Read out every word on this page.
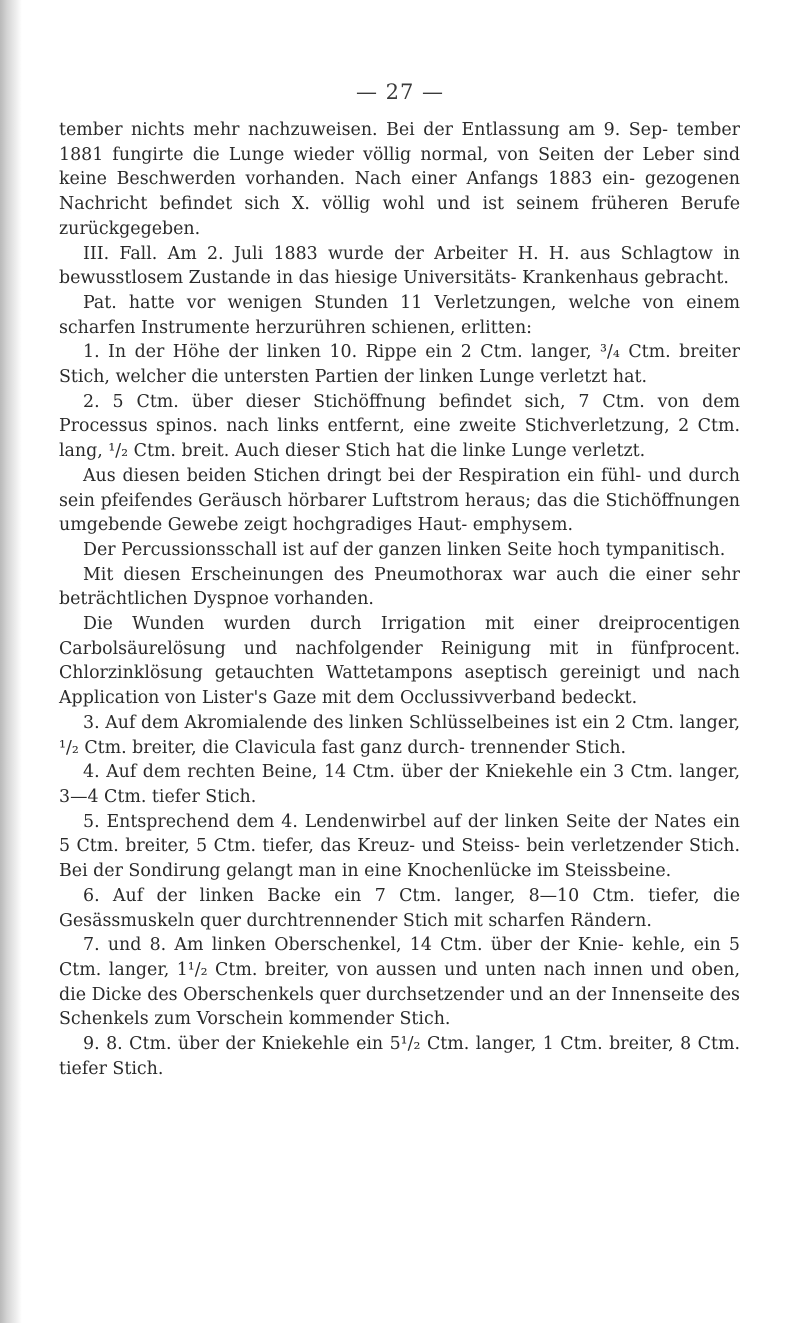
— 27 —

tember nichts mehr nachzuweisen. Bei der Entlassung am 9. Sep- tember 1881 fungirte die Lunge wieder völlig normal, von Seiten der Leber sind keine Beschwerden vorhanden. Nach einer Anfangs 1883 ein- gezogenen Nachricht befindet sich X. völlig wohl und ist seinem früheren Berufe zurückgegeben.

III. Fall. Am 2. Juli 1883 wurde der Arbeiter H. H. aus Schlagtow in bewusstlosem Zustande in das hiesige Universitäts- Krankenhaus gebracht.

Pat. hatte vor wenigen Stunden 11 Verletzungen, welche von einem scharfen Instrumente herzurühren schienen, erlitten:

1. In der Höhe der linken 10. Rippe ein 2 Ctm. langer, ³/₄ Ctm. breiter Stich, welcher die untersten Partien der linken Lunge verletzt hat.

2. 5 Ctm. über dieser Stichöffnung befindet sich, 7 Ctm. von dem Processus spinos. nach links entfernt, eine zweite Stichverletzung, 2 Ctm. lang, ¹/₂ Ctm. breit. Auch dieser Stich hat die linke Lunge verletzt.

Aus diesen beiden Stichen dringt bei der Respiration ein fühl- und durch sein pfeifendes Geräusch hörbarer Luftstrom heraus; das die Stichöffnungen umgebende Gewebe zeigt hochgradiges Haut- emphysem.

Der Percussionsschall ist auf der ganzen linken Seite hoch tympanitisch.

Mit diesen Erscheinungen des Pneumothorax war auch die einer sehr beträchtlichen Dyspnoe vorhanden.

Die Wunden wurden durch Irrigation mit einer dreiprocentigen Carbolsäurelösung und nachfolgender Reinigung mit in fünfprocent. Chlorzinklösung getauchten Wattetampons aseptisch gereinigt und nach Application von Lister's Gaze mit dem Occlussivverband bedeckt.

3. Auf dem Akromialende des linken Schlüsselbeines ist ein 2 Ctm. langer, ¹/₂ Ctm. breiter, die Clavicula fast ganz durch- trennender Stich.

4. Auf dem rechten Beine, 14 Ctm. über der Kniekehle ein 3 Ctm. langer, 3—4 Ctm. tiefer Stich.

5. Entsprechend dem 4. Lendenwirbel auf der linken Seite der Nates ein 5 Ctm. breiter, 5 Ctm. tiefer, das Kreuz- und Steiss- bein verletzender Stich. Bei der Sondirung gelangt man in eine Knochenlücke im Steissbeine.

6. Auf der linken Backe ein 7 Ctm. langer, 8—10 Ctm. tiefer, die Gesässmuskeln quer durchtrennender Stich mit scharfen Rändern.

7. und 8. Am linken Oberschenkel, 14 Ctm. über der Knie- kehle, ein 5 Ctm. langer, 1¹/₂ Ctm. breiter, von aussen und unten nach innen und oben, die Dicke des Oberschenkels quer durchsetzender und an der Innenseite des Schenkels zum Vorschein kommender Stich.

9. 8. Ctm. über der Kniekehle ein 5¹/₂ Ctm. langer, 1 Ctm. breiter, 8 Ctm. tiefer Stich.
